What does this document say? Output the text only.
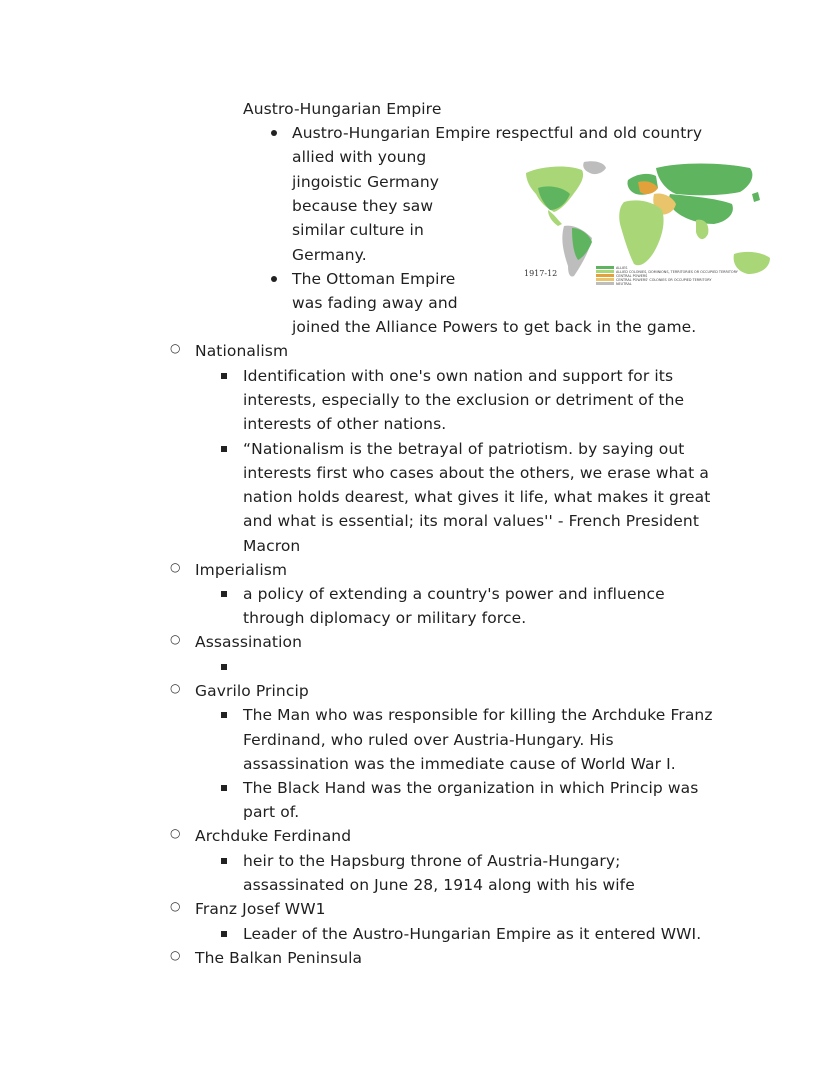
Austro-Hungarian Empire
Austro-Hungarian Empire respectful and old country
allied with young
jingoistic Germany
because they saw
similar culture in
Germany.
The Ottoman Empire
was fading away and
joined the Alliance Powers to get back in the game.
1917-12
ALLIES
ALLIED COLONIES, DOMINIONS, TERRITORIES OR OCCUPIED TERRITORY
CENTRAL POWERS
CENTRAL POWERS' COLONIES OR OCCUPIED TERRITORY
NEUTRAL
○ Nationalism
Identification with one's own nation and support for its
interests, especially to the exclusion or detriment of the
interests of other nations.
“Nationalism is the betrayal of patriotism. by saying out
interests first who cases about the others, we erase what a
nation holds dearest, what gives it life, what makes it great
and what is essential; its moral values'' - French President
Macron
○ Imperialism
a policy of extending a country's power and influence
through diplomacy or military force.
○ Assassination
○ Gavrilo Princip
The Man who was responsible for killing the Archduke Franz
Ferdinand, who ruled over Austria-Hungary. His
assassination was the immediate cause of World War I.
The Black Hand was the organization in which Princip was
part of.
○ Archduke Ferdinand
heir to the Hapsburg throne of Austria-Hungary;
assassinated on June 28, 1914 along with his wife
○ Franz Josef WW1
Leader of the Austro-Hungarian Empire as it entered WWI.
○ The Balkan Peninsula
